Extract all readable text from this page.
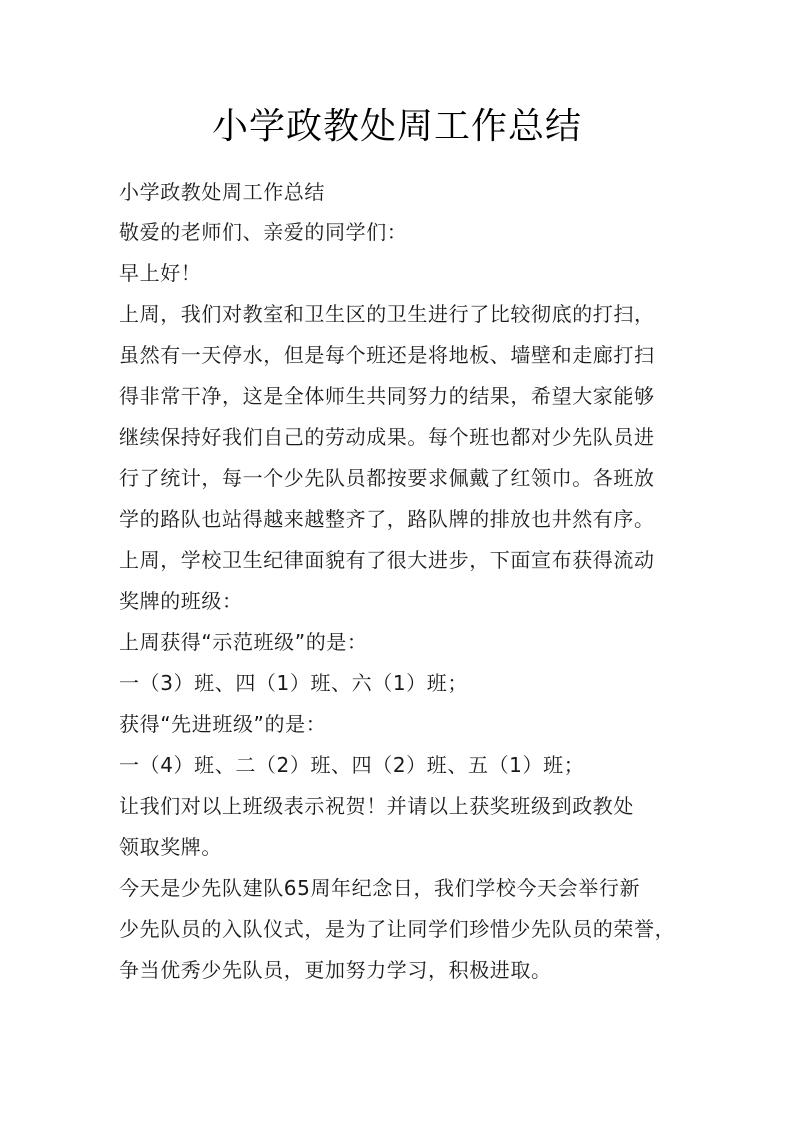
小学政教处周工作总结
小学政教处周工作总结
敬爱的老师们、亲爱的同学们：
早上好！
上周，我们对教室和卫生区的卫生进行了比较彻底的打扫，
虽然有一天停水，但是每个班还是将地板、墙壁和走廊打扫
得非常干净，这是全体师生共同努力的结果，希望大家能够
继续保持好我们自己的劳动成果。每个班也都对少先队员进
行了统计，每一个少先队员都按要求佩戴了红领巾。各班放
学的路队也站得越来越整齐了，路队牌的排放也井然有序。
上周，学校卫生纪律面貌有了很大进步，下面宣布获得流动
奖牌的班级：
上周获得“示范班级”的是：
一（3）班、四（1）班、六（1）班；
获得“先进班级”的是：
一（4）班、二（2）班、四（2）班、五（1）班；
让我们对以上班级表示祝贺！并请以上获奖班级到政教处
领取奖牌。
今天是少先队建队65周年纪念日，我们学校今天会举行新
少先队员的入队仪式，是为了让同学们珍惜少先队员的荣誉，
争当优秀少先队员，更加努力学习，积极进取。
